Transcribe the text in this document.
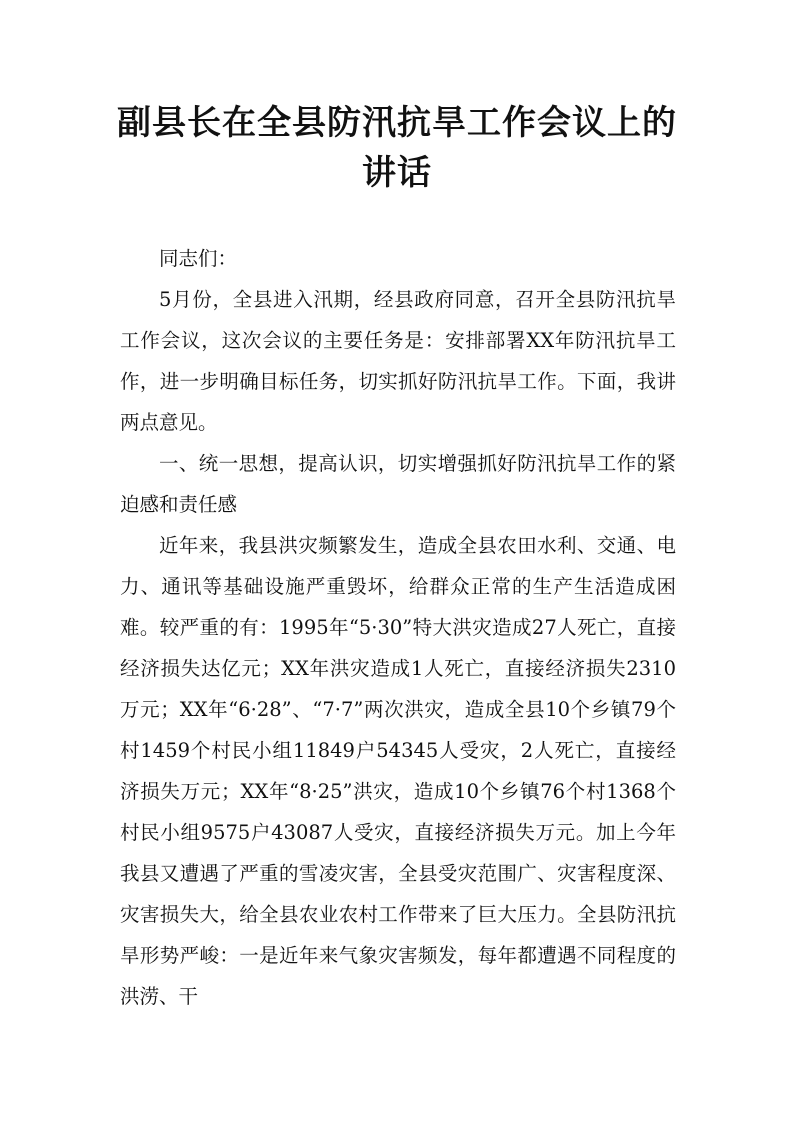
副县长在全县防汛抗旱工作会议上的讲话

同志们：

5月份，全县进入汛期，经县政府同意，召开全县防汛抗旱工作会议，这次会议的主要任务是：安排部署XX年防汛抗旱工作，进一步明确目标任务，切实抓好防汛抗旱工作。下面，我讲两点意见。

一、统一思想，提高认识，切实增强抓好防汛抗旱工作的紧迫感和责任感

近年来，我县洪灾频繁发生，造成全县农田水利、交通、电力、通讯等基础设施严重毁坏，给群众正常的生产生活造成困难。较严重的有：1995年“5·30”特大洪灾造成27人死亡，直接经济损失达亿元；XX年洪灾造成1人死亡，直接经济损失2310万元；XX年“6·28”、“7·7”两次洪灾，造成全县10个乡镇79个村1459个村民小组11849户54345人受灾，2人死亡，直接经济损失万元；XX年“8·25”洪灾，造成10个乡镇76个村1368个村民小组9575户43087人受灾，直接经济损失万元。加上今年我县又遭遇了严重的雪凌灾害，全县受灾范围广、灾害程度深、灾害损失大，给全县农业农村工作带来了巨大压力。全县防汛抗旱形势严峻：一是近年来气象灾害频发，每年都遭遇不同程度的洪涝、干
